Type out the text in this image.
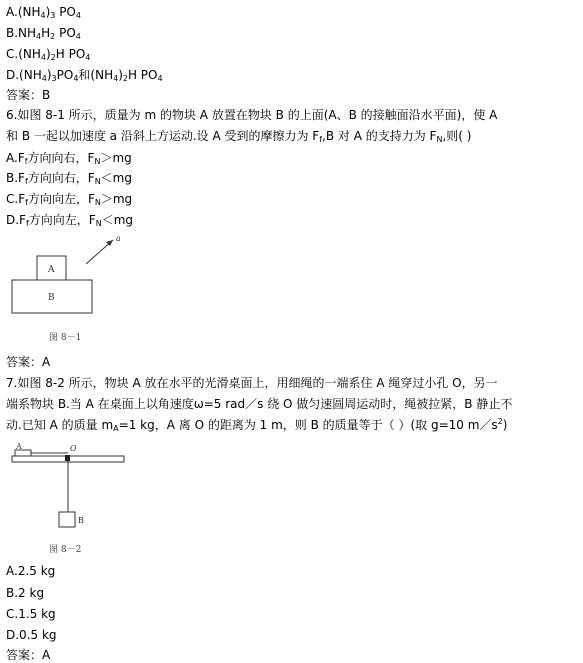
$A.(NH_4)_3$ $PO_4$
$B.NH_4H_2$ $PO_4$
$C.(NH_4)_2H$ $PO_4$
$D.(NH_4)_3PO_4$和$(NH_4)_2H$ $PO_4$
答案：B
6.如图 8-1 所示，质量为 m 的物块 A 放置在物块 B 的上面(A、B 的接触面沿水平面)，使 A
和 B 一起以加速度 a 沿斜上方运动.设 A 受到的摩擦力为 $F_f,B$ 对 A 的支持力为 $F_N$,则( )
$A.F_f$方向向右，$F_N>mg$
$B.F_f$方向向右，$F_N<mg$
$C.F_f$方向向左，$F_N>mg$
$D.F_f$方向向左，$F_N<mg$
A
B
a
图 8－1
答案：A
7.如图 8-2 所示，物块 A 放在水平的光滑桌面上，用细绳的一端系住 A 绳穿过小孔 O，另一
端系物块 B.当 A 在桌面上以角速度ω=5 rad／s 绕 O 做匀速圆周运动时，绳被拉紧，B 静止不
动.已知 A 的质量 $m_A=1$ kg，A 离 O 的距离为 1 m，则 B 的质量等于（ ）(取 g=10 $m/s^2$)
A	O
B
图 8－2
A.2.5 kg
B.2 kg
C.1.5 kg
D.0.5 kg
答案：A
